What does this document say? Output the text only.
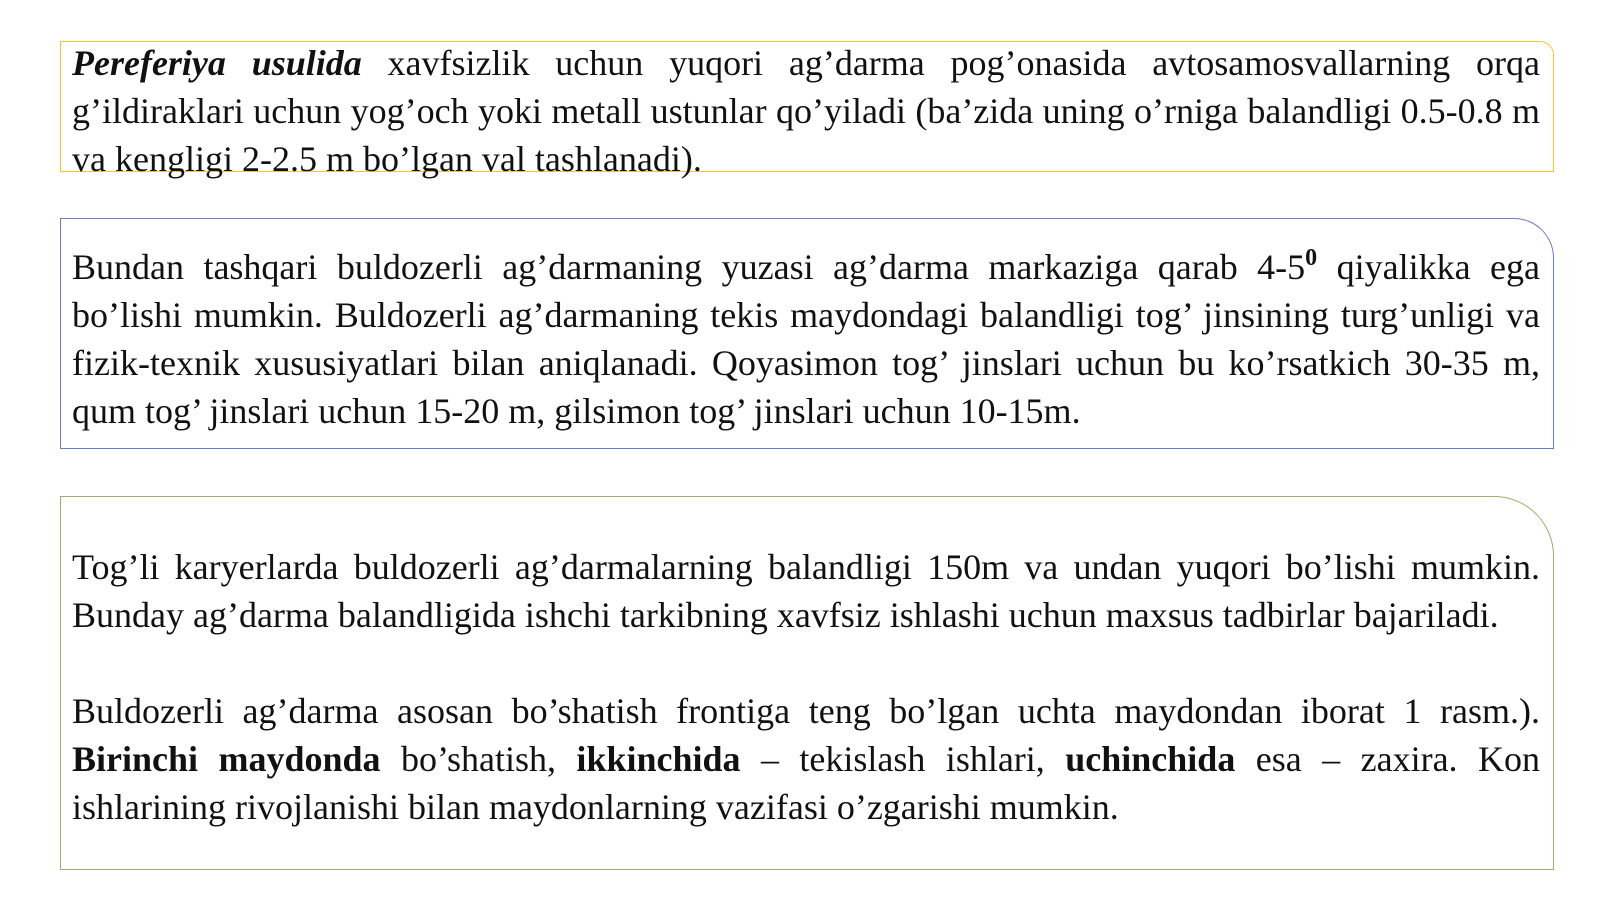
Pereferiya usulida xavfsizlik uchun yuqori ag’darma pog’onasida avtosamosvallarning orqa g’ildiraklari uchun yog’och yoki metall ustunlar qo’yiladi (ba’zida uning o’rniga balandligi 0.5-0.8 m va kengligi 2-2.5 m bo’lgan val tashlanadi).

Bundan tashqari buldozerli ag’darmaning yuzasi ag’darma markaziga qarab $4-5^0$ qiyalikka ega bo’lishi mumkin. Buldozerli ag’darmaning tekis maydondagi balandligi tog’ jinsining turg’unligi va fizik-texnik xususiyatlari bilan aniqlanadi. Qoyasimon tog’ jinslari uchun bu ko’rsatkich 30-35 m, qum tog’ jinslari uchun 15-20 m, gilsimon tog’ jinslari uchun 10-15m.

Tog’li karyerlarda buldozerli ag’darmalarning balandligi 150m va undan yuqori bo’lishi mumkin. Bunday ag’darma balandligida ishchi tarkibning xavfsiz ishlashi uchun maxsus tadbirlar bajariladi.

Buldozerli ag’darma asosan bo’shatish frontiga teng bo’lgan uchta maydondan iborat 1 rasm.). Birinchi maydonda bo’shatish, ikkinchida – tekislash ishlari, uchinchida esa – zaxira. Kon ishlarining rivojlanishi bilan maydonlarning vazifasi o’zgarishi mumkin.
